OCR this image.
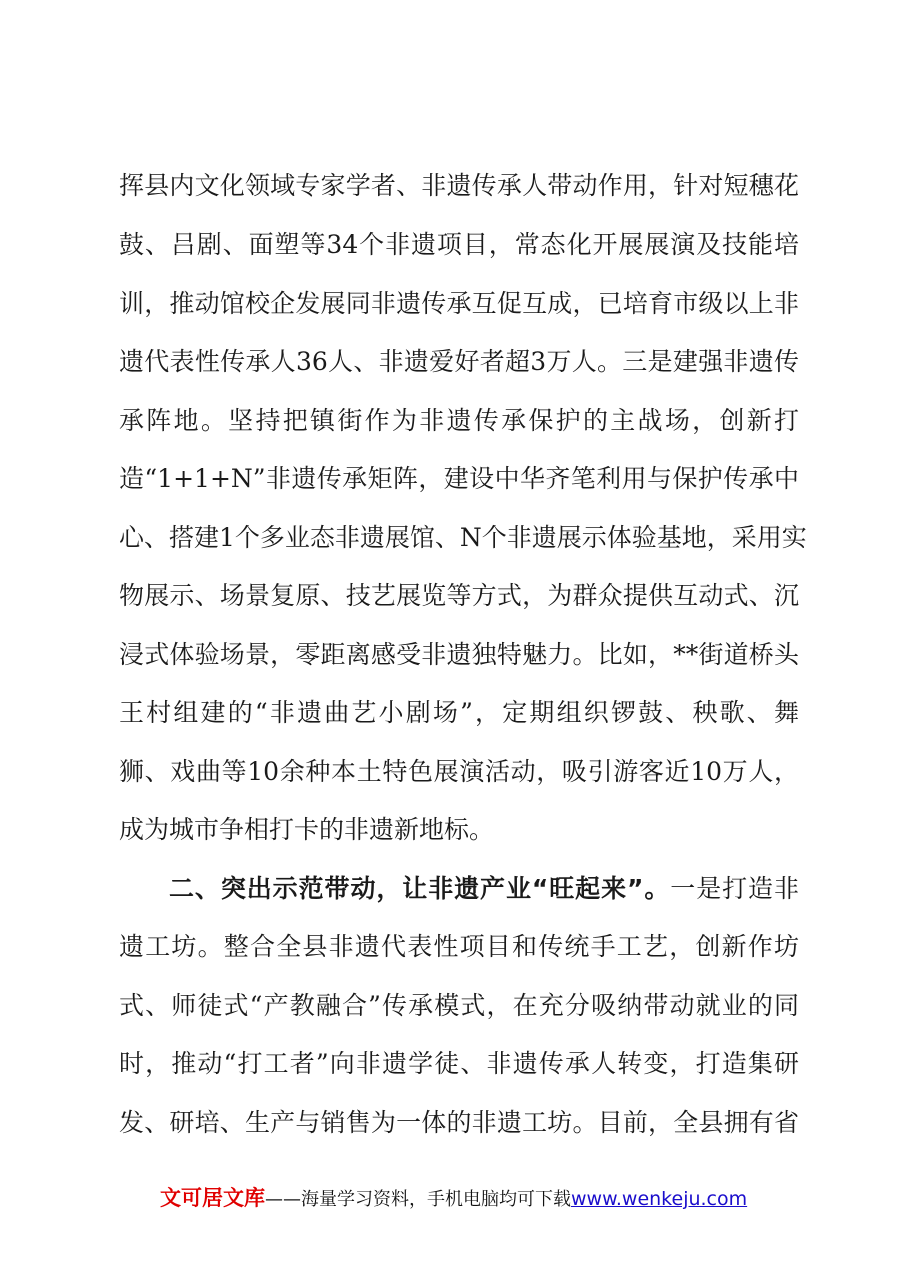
挥县内文化领域专家学者、非遗传承人带动作用，针对短穗花
鼓、吕剧、面塑等34个非遗项目，常态化开展展演及技能培
训，推动馆校企发展同非遗传承互促互成，已培育市级以上非
遗代表性传承人36人、非遗爱好者超3万人。三是建强非遗传
承阵地。坚持把镇街作为非遗传承保护的主战场，创新打
造“1+1+N”非遗传承矩阵，建设中华齐笔利用与保护传承中
心、搭建1个多业态非遗展馆、N个非遗展示体验基地，采用实
物展示、场景复原、技艺展览等方式，为群众提供互动式、沉
浸式体验场景，零距离感受非遗独特魅力。比如，**街道桥头
王村组建的“非遗曲艺小剧场”，定期组织锣鼓、秧歌、舞
狮、戏曲等10余种本土特色展演活动，吸引游客近10万人，
成为城市争相打卡的非遗新地标。
二、突出示范带动，让非遗产业“旺起来”。一是打造非
遗工坊。整合全县非遗代表性项目和传统手工艺，创新作坊
式、师徒式“产教融合”传承模式，在充分吸纳带动就业的同
时，推动“打工者”向非遗学徒、非遗传承人转变，打造集研
发、研培、生产与销售为一体的非遗工坊。目前，全县拥有省
文可居文库——海量学习资料，手机电脑均可下载www.wenkeju.com
